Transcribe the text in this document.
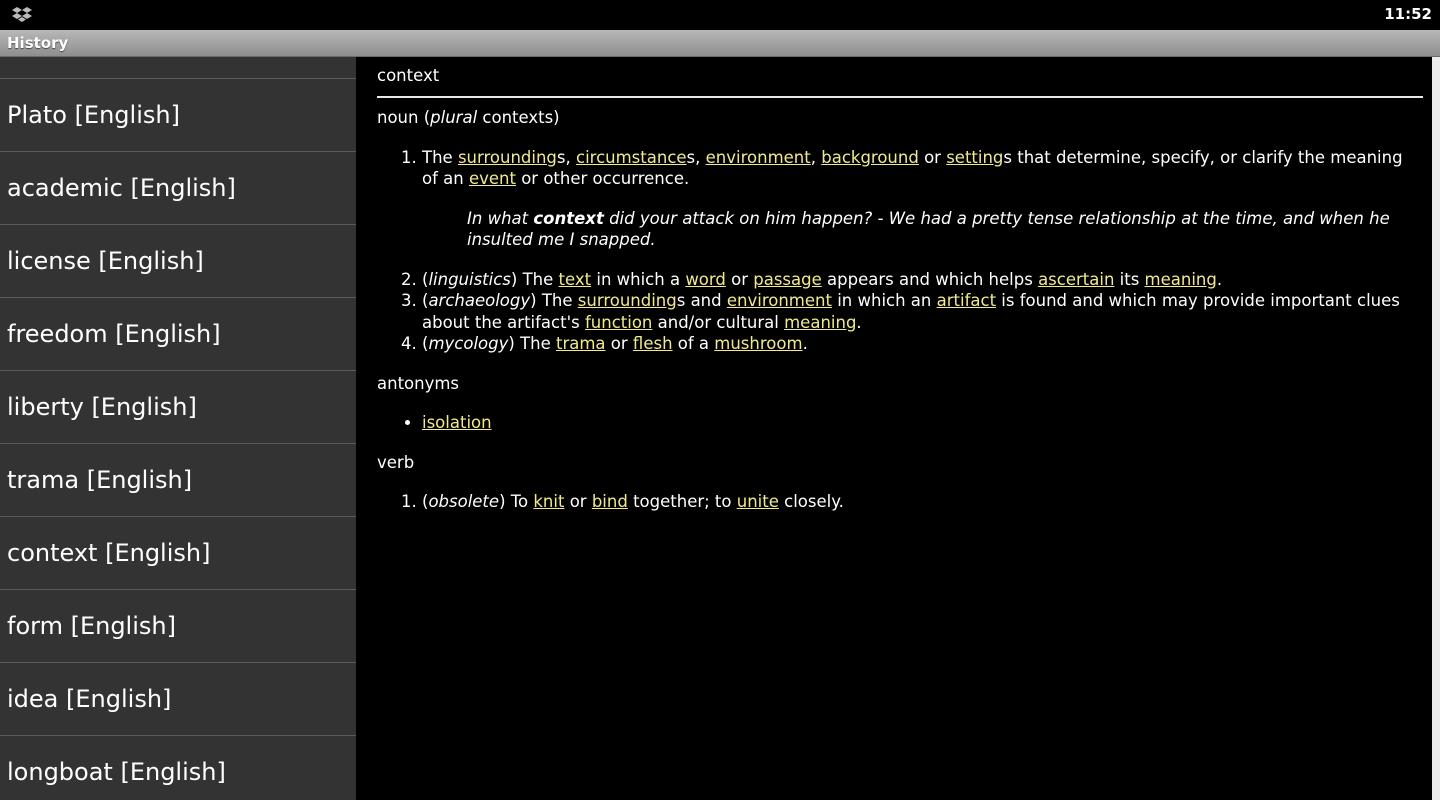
11:52
History
Plato [English]
academic [English]
license [English]
freedom [English]
liberty [English]
trama [English]
context [English]
form [English]
idea [English]
longboat [English]
context

noun (plural contexts)

1. The surroundings, circumstances, environment, background or settings that determine, specify, or clarify the meaning of an event or other occurrence.
In what context did your attack on him happen? - We had a pretty tense relationship at the time, and when he insulted me I snapped.
2. (linguistics) The text in which a word or passage appears and which helps ascertain its meaning.
3. (archaeology) The surroundings and environment in which an artifact is found and which may provide important clues about the artifact's function and/or cultural meaning.
4. (mycology) The trama or flesh of a mushroom.

antonyms

• isolation

verb

1. (obsolete) To knit or bind together; to unite closely.
